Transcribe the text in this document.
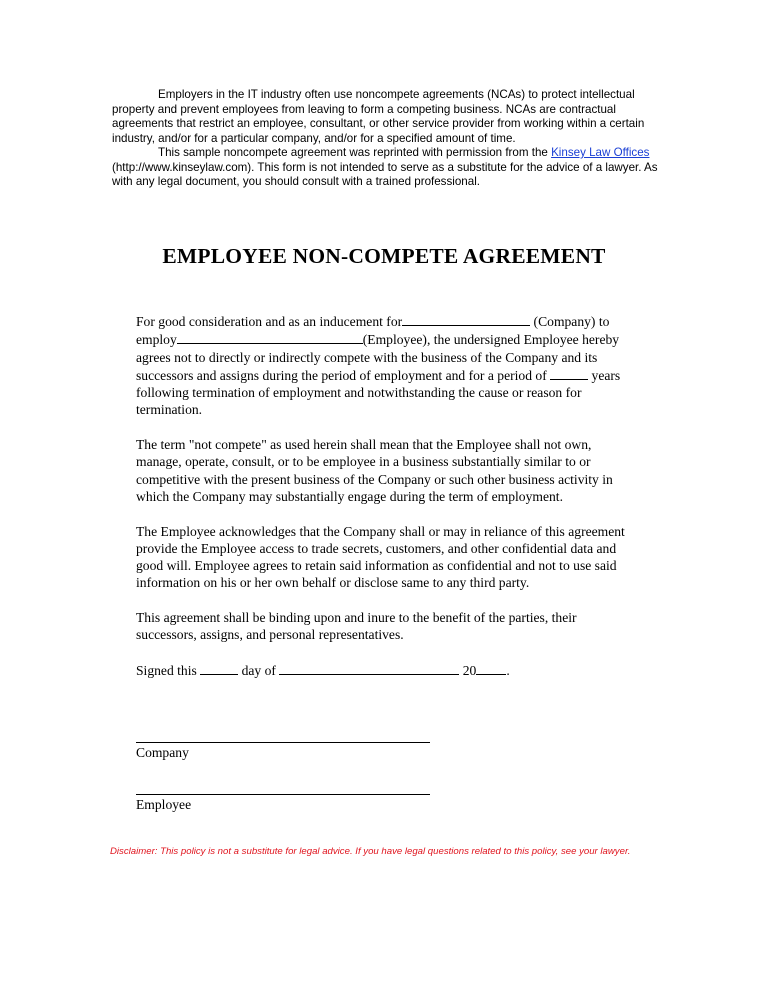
Employers in the IT industry often use noncompete agreements (NCAs) to protect intellectual property and prevent employees from leaving to form a competing business. NCAs are contractual agreements that restrict an employee, consultant, or other service provider from working within a certain industry, and/or for a particular company, and/or for a specified amount of time.

This sample noncompete agreement was reprinted with permission from the Kinsey Law Offices (http://www.kinseylaw.com). This form is not intended to serve as a substitute for the advice of a lawyer. As with any legal document, you should consult with a trained professional.

EMPLOYEE NON-COMPETE AGREEMENT

For good consideration and as an inducement for	(Company) to employ	(Employee), the undersigned Employee hereby agrees not to directly or indirectly compete with the business of the Company and its successors and assigns during the period of employment and for a period of	years following termination of employment and notwithstanding the cause or reason for termination.

The term "not compete" as used herein shall mean that the Employee shall not own, manage, operate, consult, or to be employee in a business substantially similar to or competitive with the present business of the Company or such other business activity in which the Company may substantially engage during the term of employment.

The Employee acknowledges that the Company shall or may in reliance of this agreement provide the Employee access to trade secrets, customers, and other confidential data and good will. Employee agrees to retain said information as confidential and not to use said information on his or her own behalf or disclose same to any third party.

This agreement shall be binding upon and inure to the benefit of the parties, their successors, assigns, and personal representatives.

Signed this	day of	20 .

Company
Employee
Disclaimer: This policy is not a substitute for legal advice. If you have legal questions related to this policy, see your lawyer.
